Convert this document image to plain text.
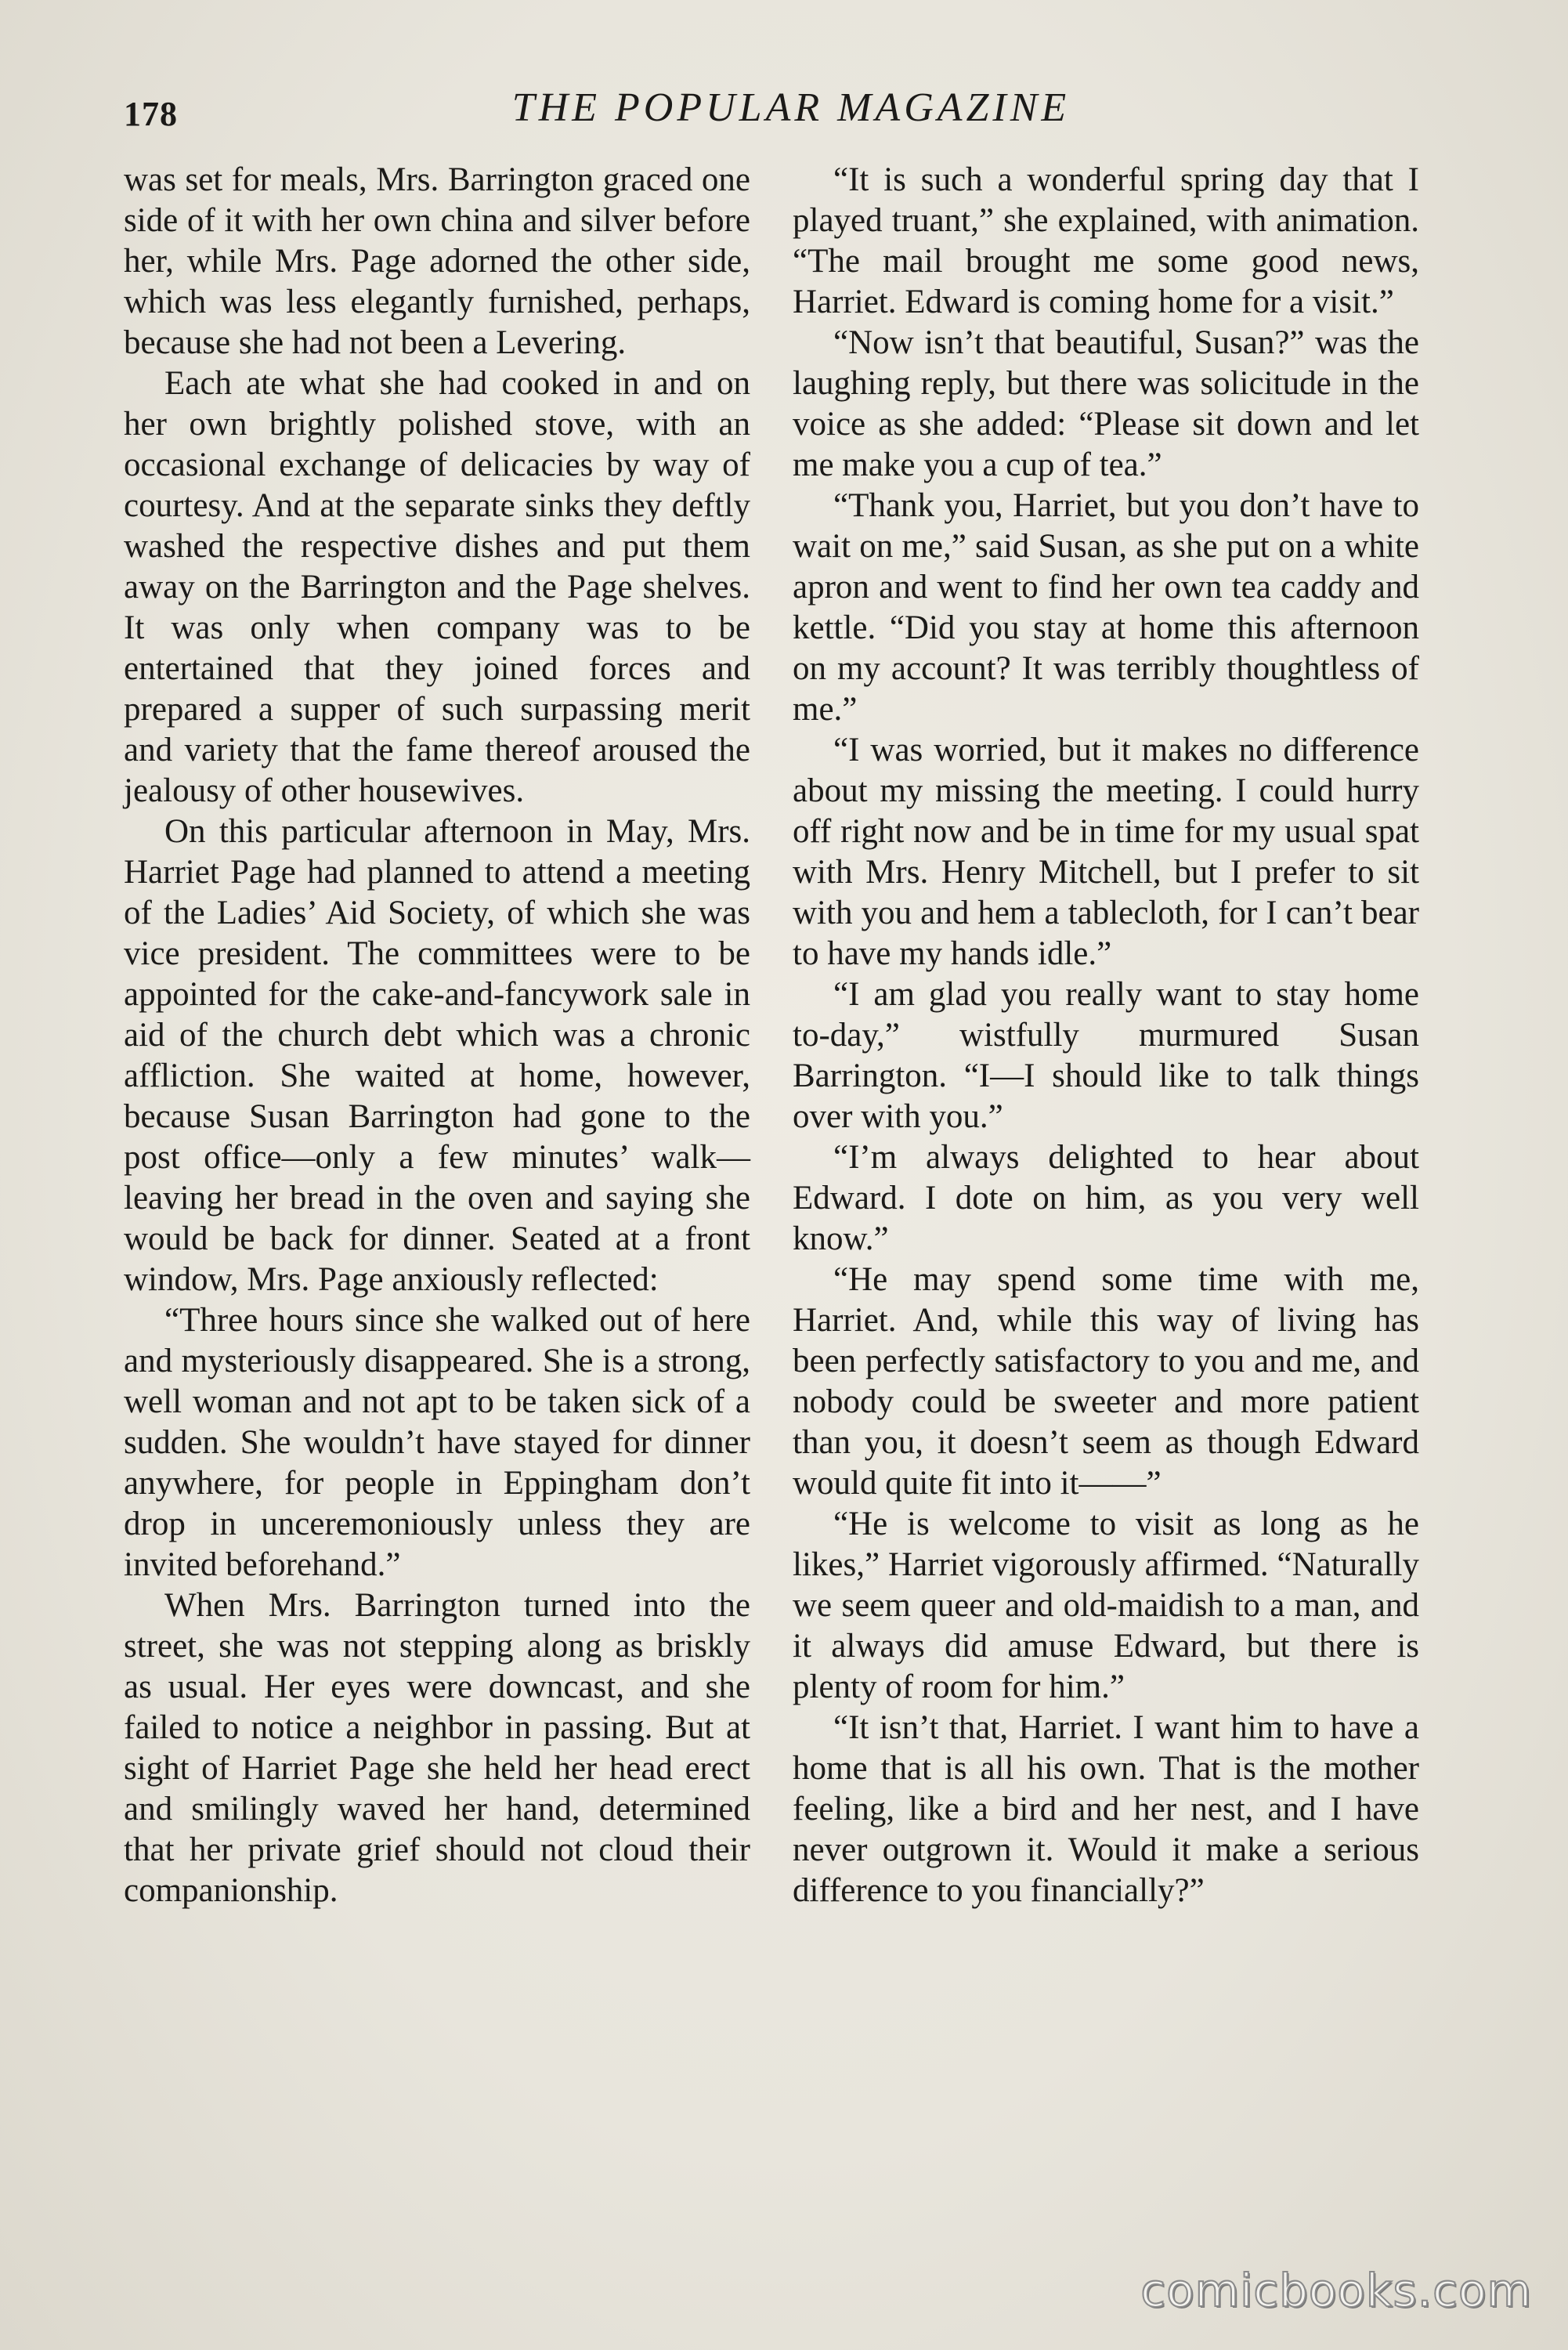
178	THE POPULAR MAGAZINE

was set for meals, Mrs. Barrington graced one side of it with her own china and silver before her, while Mrs. Page adorned the other side, which was less elegantly furnished, perhaps, because she had not been a Levering.

Each ate what she had cooked in and on her own brightly polished stove, with an occasional exchange of delicacies by way of courtesy. And at the separate sinks they deftly washed the respective dishes and put them away on the Barrington and the Page shelves. It was only when company was to be entertained that they joined forces and prepared a supper of such surpassing merit and variety that the fame thereof aroused the jealousy of other housewives.

On this particular afternoon in May, Mrs. Harriet Page had planned to attend a meeting of the Ladies’ Aid Society, of which she was vice president. The committees were to be appointed for the cake-and-fancywork sale in aid of the church debt which was a chronic affliction. She waited at home, however, because Susan Barrington had gone to the post office—only a few minutes’ walk—leaving her bread in the oven and saying she would be back for dinner. Seated at a front window, Mrs. Page anxiously reflected:

“Three hours since she walked out of here and mysteriously disappeared. She is a strong, well woman and not apt to be taken sick of a sudden. She wouldn’t have stayed for dinner anywhere, for people in Eppingham don’t drop in unceremoniously unless they are invited beforehand.”

When Mrs. Barrington turned into the street, she was not stepping along as briskly as usual. Her eyes were downcast, and she failed to notice a neighbor in passing. But at sight of Harriet Page she held her head erect and smilingly waved her hand, determined that her private grief should not cloud their companionship.

“It is such a wonderful spring day that I played truant,” she explained, with animation. “The mail brought me some good news, Harriet. Edward is coming home for a visit.”

“Now isn’t that beautiful, Susan?” was the laughing reply, but there was solicitude in the voice as she added: “Please sit down and let me make you a cup of tea.”

“Thank you, Harriet, but you don’t have to wait on me,” said Susan, as she put on a white apron and went to find her own tea caddy and kettle. “Did you stay at home this afternoon on my account? It was terribly thoughtless of me.”

“I was worried, but it makes no difference about my missing the meeting. I could hurry off right now and be in time for my usual spat with Mrs. Henry Mitchell, but I prefer to sit with you and hem a tablecloth, for I can’t bear to have my hands idle.”

“I am glad you really want to stay home to-day,” wistfully murmured Susan Barrington. “I—I should like to talk things over with you.”

“I’m always delighted to hear about Edward. I dote on him, as you very well know.”

“He may spend some time with me, Harriet. And, while this way of living has been perfectly satisfactory to you and me, and nobody could be sweeter and more patient than you, it doesn’t seem as though Edward would quite fit into it——”

“He is welcome to visit as long as he likes,” Harriet vigorously affirmed. “Naturally we seem queer and old-maidish to a man, and it always did amuse Edward, but there is plenty of room for him.”

“It isn’t that, Harriet. I want him to have a home that is all his own. That is the mother feeling, like a bird and her nest, and I have never outgrown it. Would it make a serious difference to you financially?”

comicbooks.com
